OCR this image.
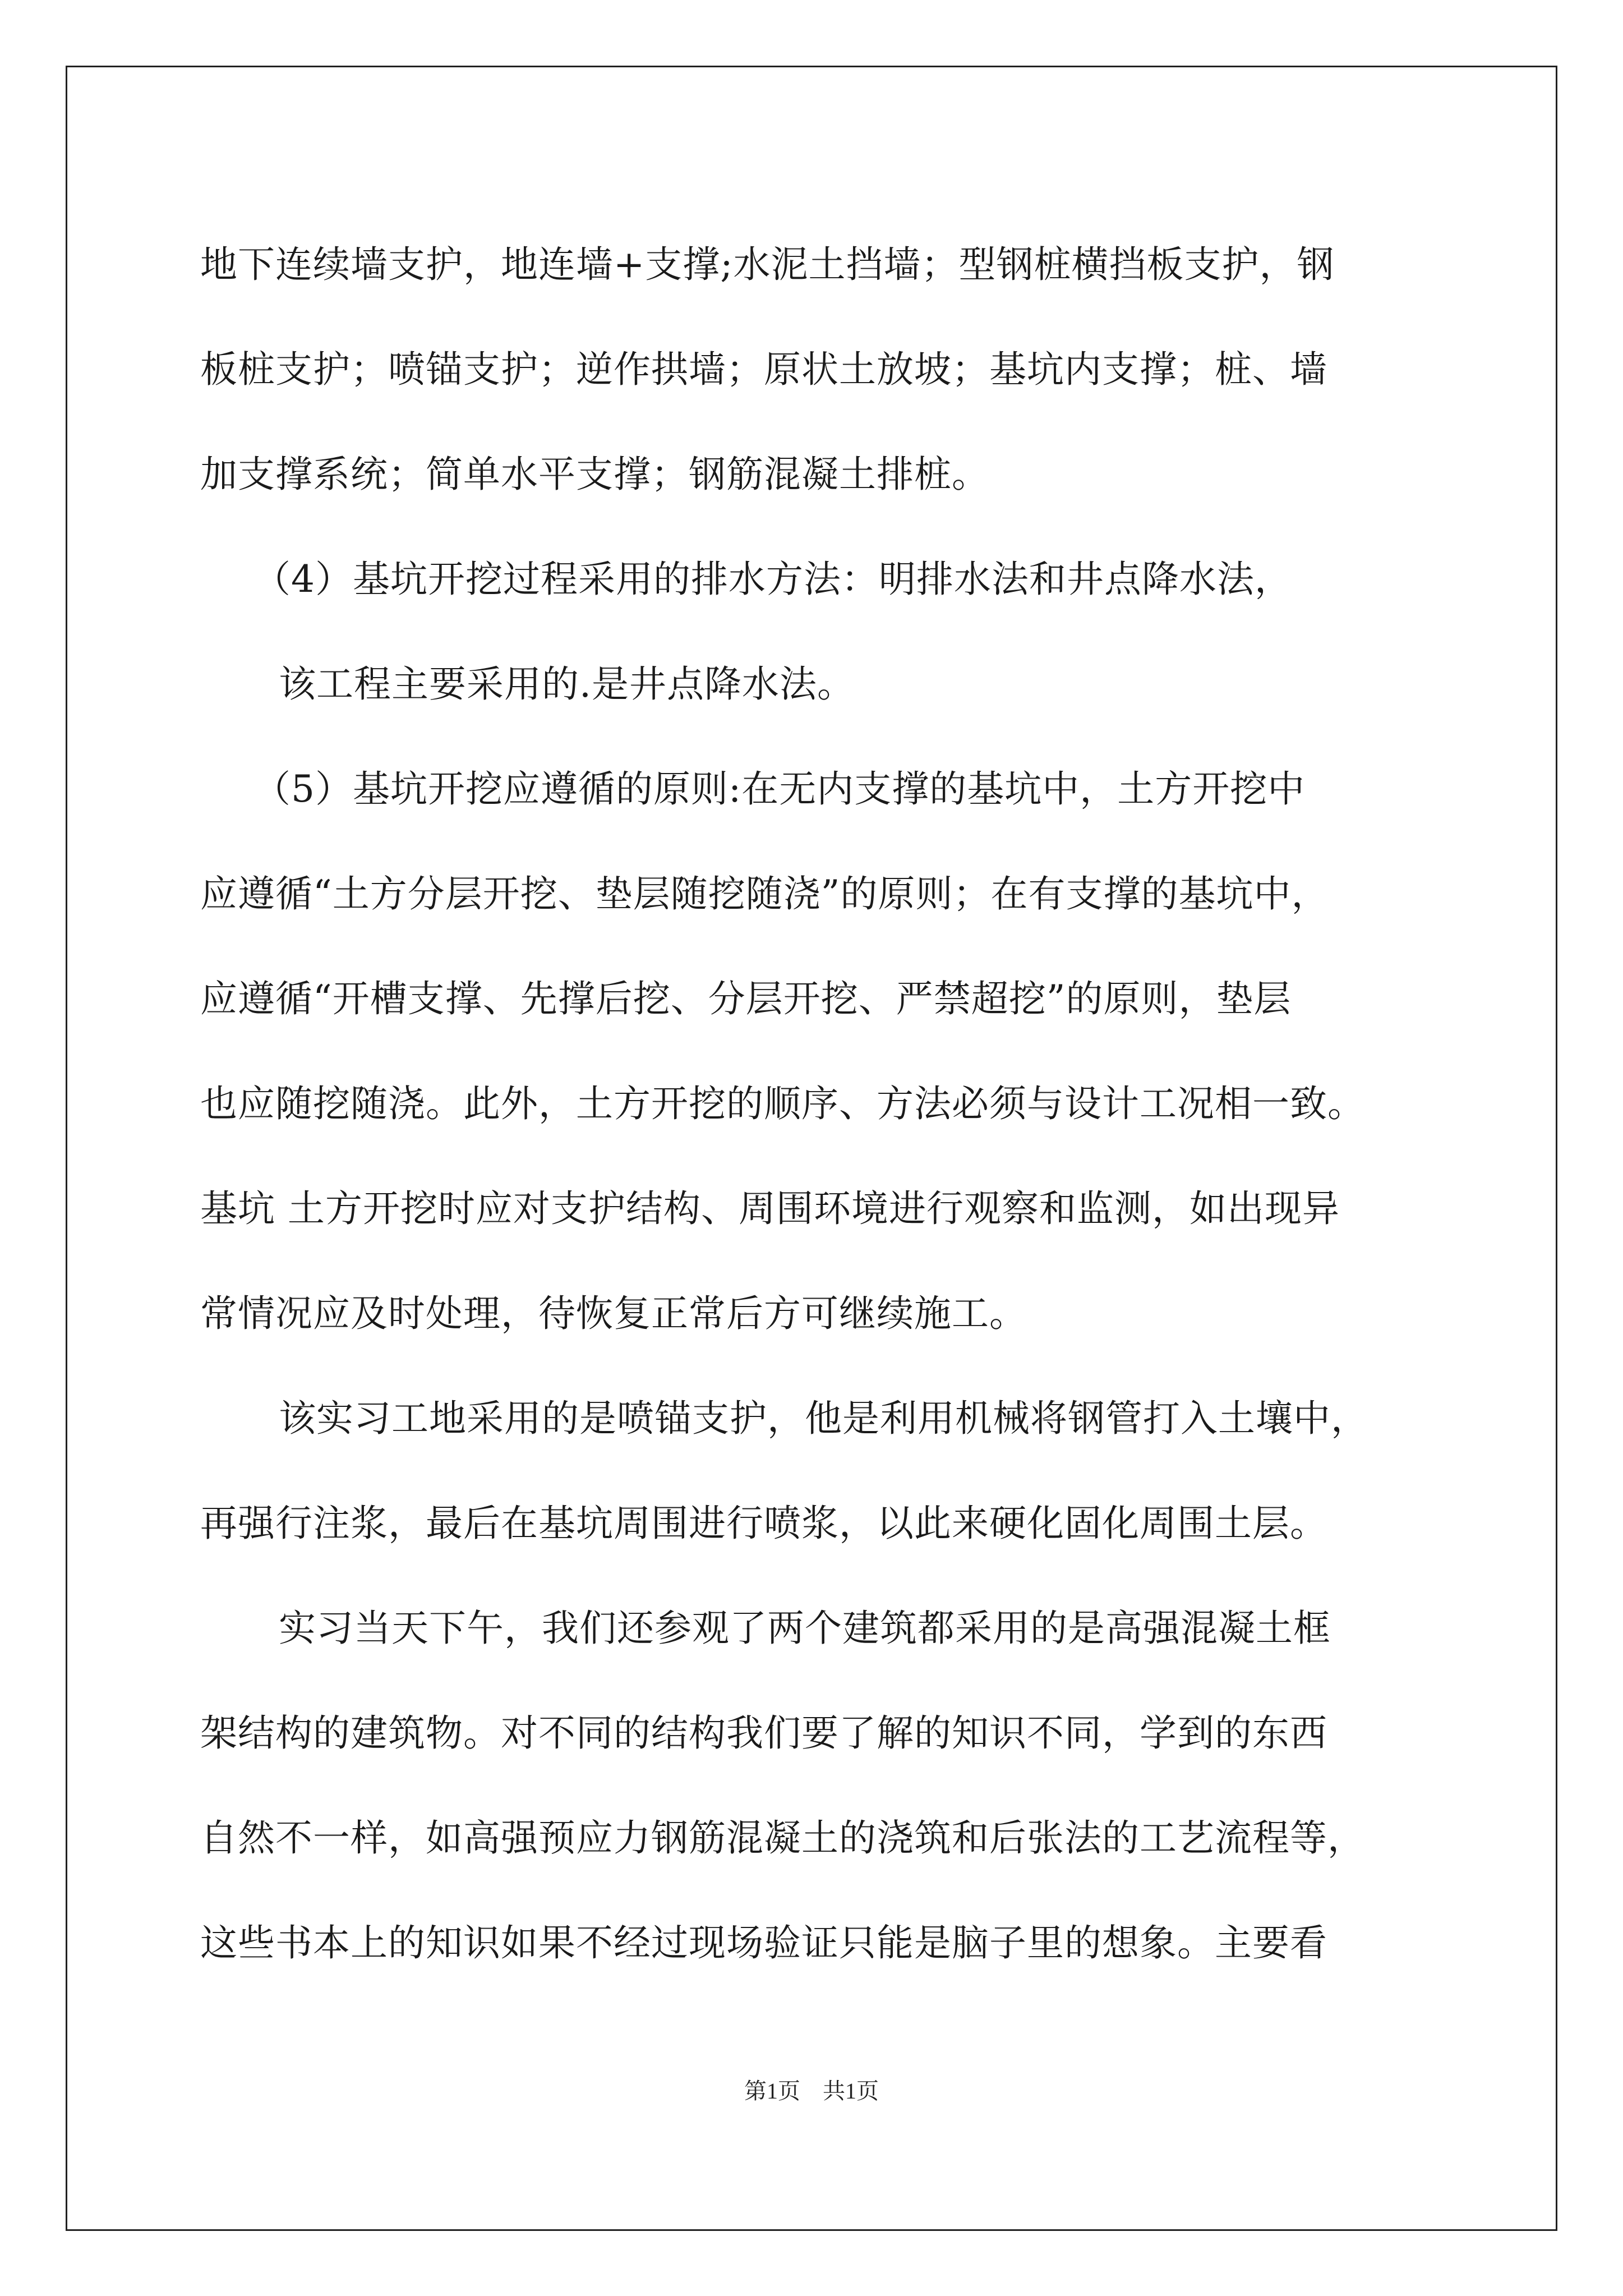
地下连续墙支护，地连墙+支撑;水泥土挡墙；型钢桩横挡板支护，钢
板桩支护；喷锚支护；逆作拱墙；原状土放坡；基坑内支撑；桩、墙
加支撑系统；简单水平支撑；钢筋混凝土排桩。
（4）基坑开挖过程采用的排水方法：明排水法和井点降水法，
该工程主要采用的.是井点降水法。
（5）基坑开挖应遵循的原则:在无内支撑的基坑中，土方开挖中
应遵循“土方分层开挖、垫层随挖随浇”的原则；在有支撑的基坑中，
应遵循“开槽支撑、先撑后挖、分层开挖、严禁超挖”的原则，垫层
也应随挖随浇。此外，土方开挖的顺序、方法必须与设计工况相一致。
基坑 土方开挖时应对支护结构、周围环境进行观察和监测，如出现异
常情况应及时处理，待恢复正常后方可继续施工。
该实习工地采用的是喷锚支护，他是利用机械将钢管打入土壤中，
再强行注浆，最后在基坑周围进行喷浆，以此来硬化固化周围土层。
实习当天下午，我们还参观了两个建筑都采用的是高强混凝土框
架结构的建筑物。对不同的结构我们要了解的知识不同，学到的东西
自然不一样，如高强预应力钢筋混凝土的浇筑和后张法的工艺流程等，
这些书本上的知识如果不经过现场验证只能是脑子里的想象。主要看
第1页　共1页
